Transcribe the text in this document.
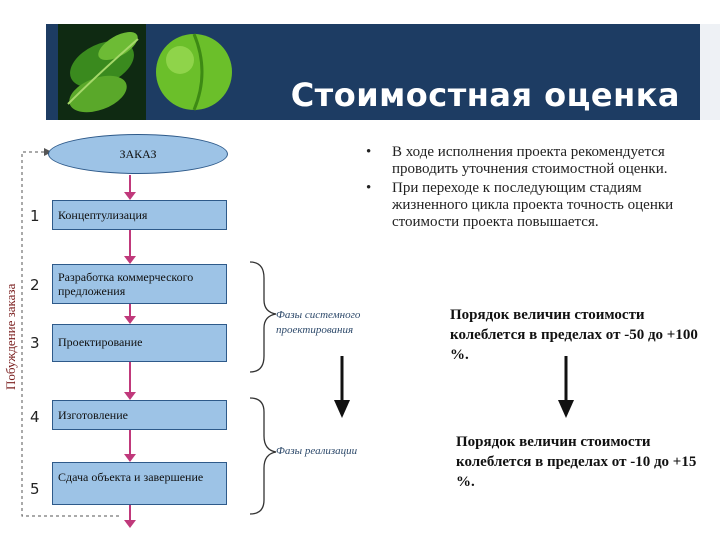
Стоимостная оценка
Побуждение заказа
ЗАКАЗ
1
2
3
4
5
Концептулизация
Разработка коммерческого предложения
Проектирование
Изготовление
Сдача объекта и завершение
Фазы системного проектирования
Фазы реализации
• В ходе исполнения проекта рекомендуется проводить уточнения стоимостной оценки.
• При переходе к последующим стадиям жизненного цикла проекта точность оценки стоимости проекта повышается.
Порядок величин стоимости колеблется в пределах от -50 до +100 %.
Порядок величин стоимости колеблется в пределах от -10 до +15 %.
